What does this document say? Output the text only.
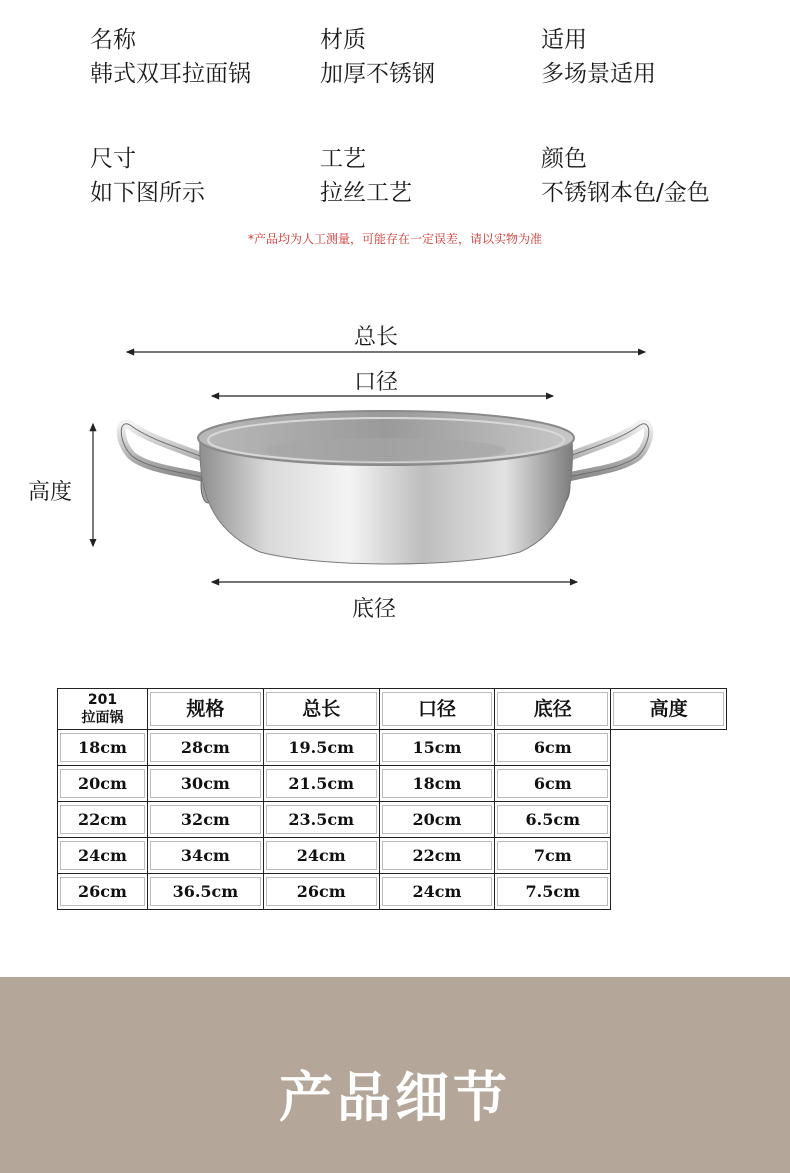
名称
韩式双耳拉面锅
材质
加厚不锈钢
适用
多场景适用
尺寸
如下图所示
工艺
拉丝工艺
颜色
不锈钢本色/金色
*产品均为人工测量，可能存在一定误差，请以实物为准
总长
口径
高度
底径
201
拉面锅	规格	总长	口径	底径	高度

18cm	28cm	19.5cm	15cm	6cm	

20cm	30cm	21.5cm	18cm	6cm	

22cm	32cm	23.5cm	20cm	6.5cm	

24cm	34cm	24cm	22cm	7cm	

26cm	36.5cm	26cm	24cm	7.5cm	
产品细节
